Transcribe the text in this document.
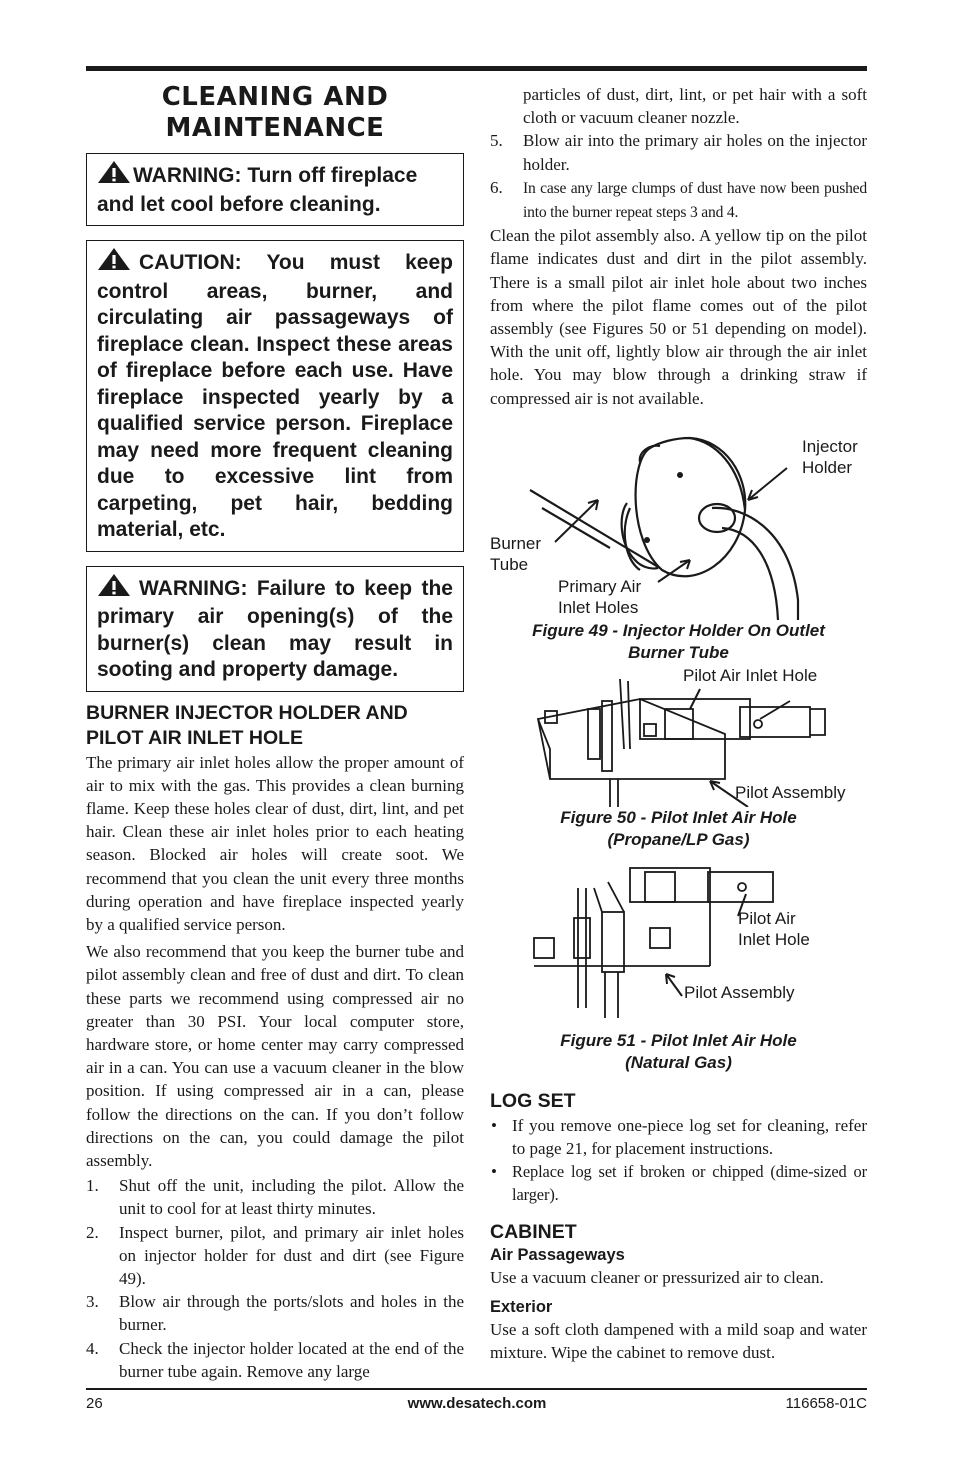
CLEANING AND
MAINTENANCE
WARNING: Turn off fireplace and let cool before cleaning.
CAUTION: You must keep control areas, burner, and circulating air passageways of fireplace clean. Inspect these areas of fireplace before each use. Have fireplace inspected yearly by a qualified service person. Fireplace may need more frequent cleaning due to excessive lint from carpeting, pet hair, bedding material, etc.
WARNING: Failure to keep the primary air opening(s) of the burner(s) clean may result in sooting and property damage.
BURNER INJECTOR HOLDER AND PILOT AIR INLET HOLE

The primary air inlet holes allow the proper amount of air to mix with the gas. This provides a clean burning flame. Keep these holes clear of dust, dirt, lint, and pet hair. Clean these air inlet holes prior to each heating season. Blocked air holes will create soot. We recommend that you clean the unit every three months during operation and have fireplace inspected yearly by a qualified service person.

We also recommend that you keep the burner tube and pilot assembly clean and free of dust and dirt. To clean these parts we recommend using compressed air no greater than 30 PSI. Your local computer store, hardware store, or home center may carry compressed air in a can. You can use a vacuum cleaner in the blow position. If using compressed air in a can, please follow the directions on the can. If you don’t follow directions on the can, you could damage the pilot assembly.

1. Shut off the unit, including the pilot. Allow the unit to cool for at least thirty minutes.
2. Inspect burner, pilot, and primary air inlet holes on injector holder for dust and dirt (see Figure 49).
3. Blow air through the ports/slots and holes in the burner.
4. Check the injector holder located at the end of the burner tube again. Remove any large

particles of dust, dirt, lint, or pet hair with a soft cloth or vacuum cleaner nozzle.

5. Blow air into the primary air holes on the injector holder.
6. In case any large clumps of dust have now been pushed into the burner repeat steps 3 and 4.

Clean the pilot assembly also. A yellow tip on the pilot flame indicates dust and dirt in the pilot assembly. There is a small pilot air inlet hole about two inches from where the pilot flame comes out of the pilot assembly (see Figures 50 or 51 depending on model). With the unit off, lightly blow air through the air inlet hole. You may blow through a drinking straw if compressed air is not available.

Injector
Holder
Burner
Tube
Primary Air
Inlet Holes
Figure 49 - Injector Holder On Outlet
Burner Tube
Pilot Air Inlet Hole
Pilot Assembly
Figure 50 - Pilot Inlet Air Hole
(Propane/LP Gas)
Pilot Air
Inlet Hole
Pilot Assembly
Figure 51 - Pilot Inlet Air Hole
(Natural Gas)
LOG SET
• If you remove one-piece log set for cleaning, refer to page 21, for placement instructions.
• Replace log set if broken or chipped (dime-sized or larger).
CABINET
Air Passageways

Use a vacuum cleaner or pressurized air to clean.

Exterior

Use a soft cloth dampened with a mild soap and water mixture. Wipe the cabinet to remove dust.

26	www.desatech.com	116658-01C
